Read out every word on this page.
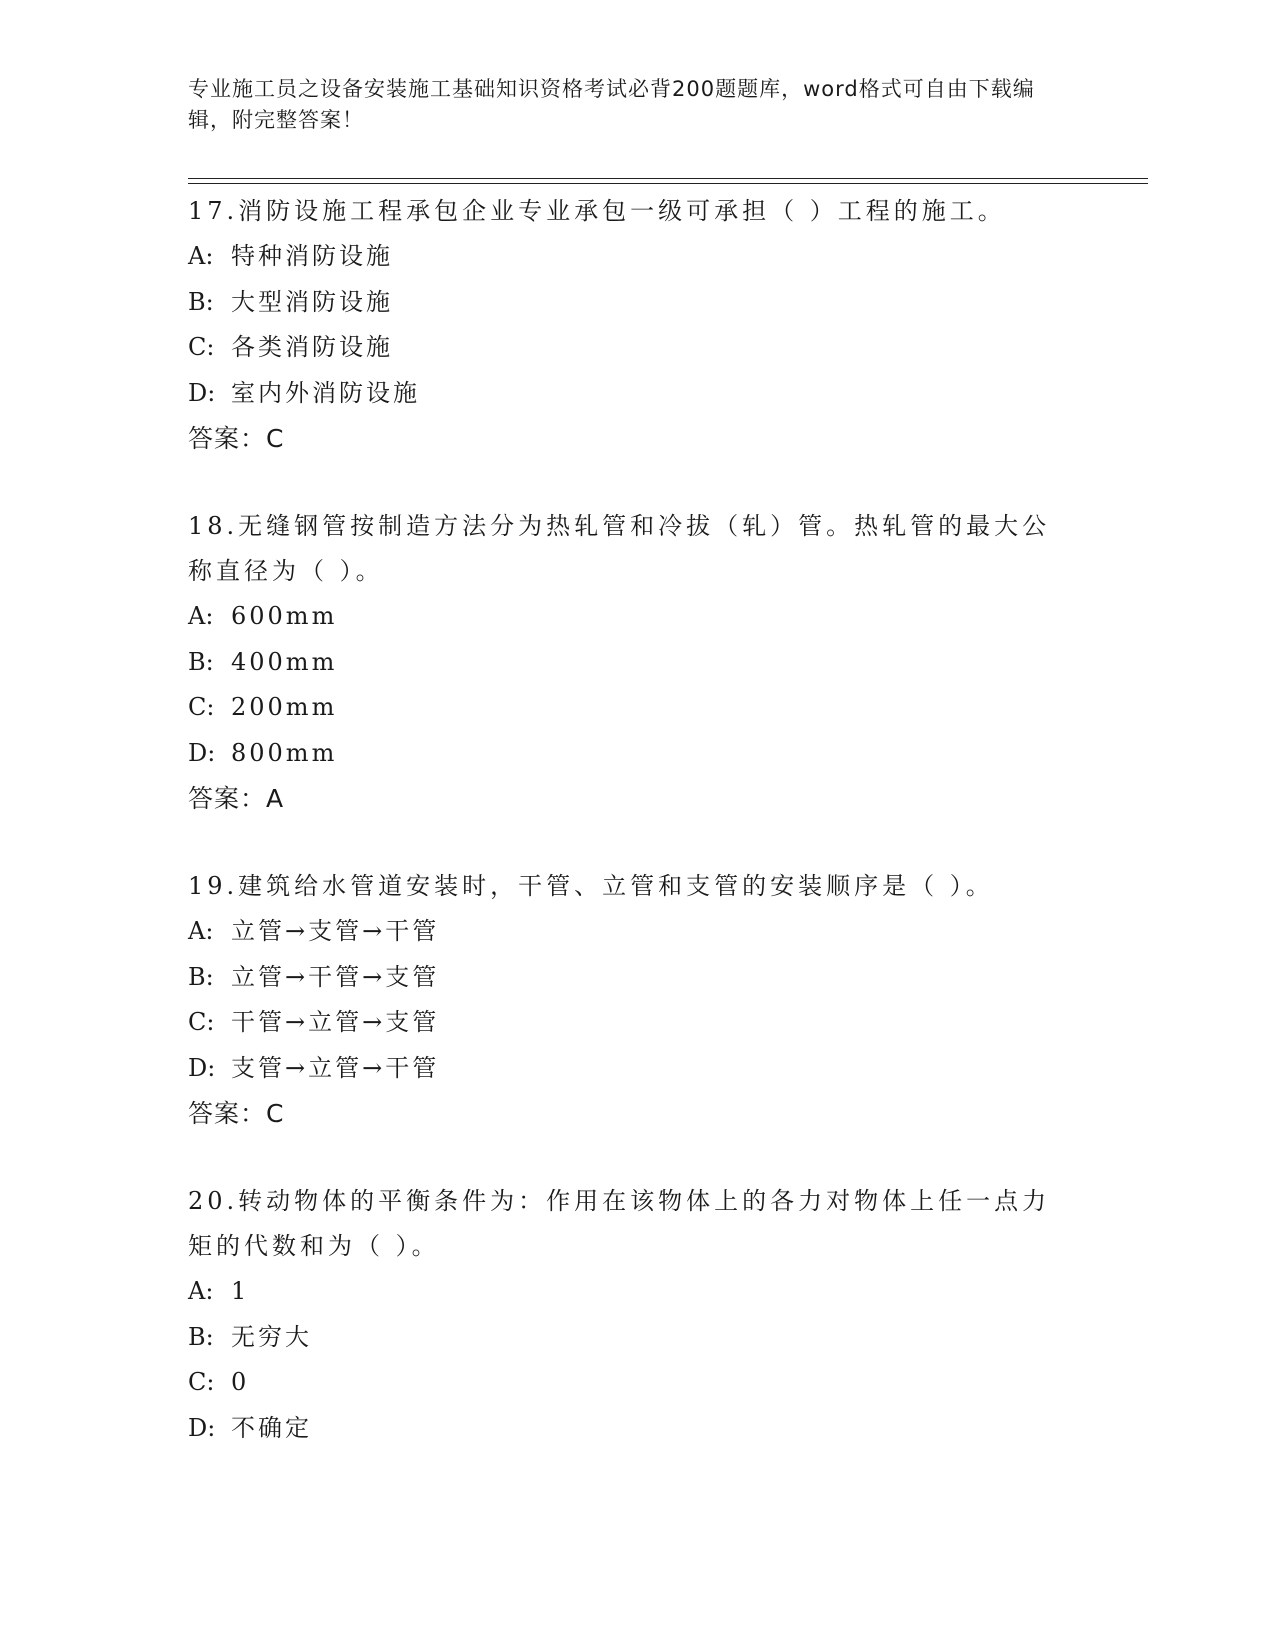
专业施工员之设备安装施工基础知识资格考试必背200题题库，word格式可自由下载编辑，附完整答案！

17.消防设施工程承包企业专业承包一级可承担（ ）工程的施工。

A: 特种消防设施
B: 大型消防设施
C: 各类消防设施
D: 室内外消防设施

答案：C

18.无缝钢管按制造方法分为热轧管和冷拔（轧）管。热轧管的最大公称直径为（ ）。

A: 600mm
B: 400mm
C: 200mm
D: 800mm

答案：A

19.建筑给水管道安装时，干管、立管和支管的安装顺序是（ ）。

A: 立管→支管→干管
B: 立管→干管→支管
C: 干管→立管→支管
D: 支管→立管→干管

答案：C

20.转动物体的平衡条件为：作用在该物体上的各力对物体上任一点力矩的代数和为（ ）。

A: 1
B: 无穷大
C: 0
D: 不确定
